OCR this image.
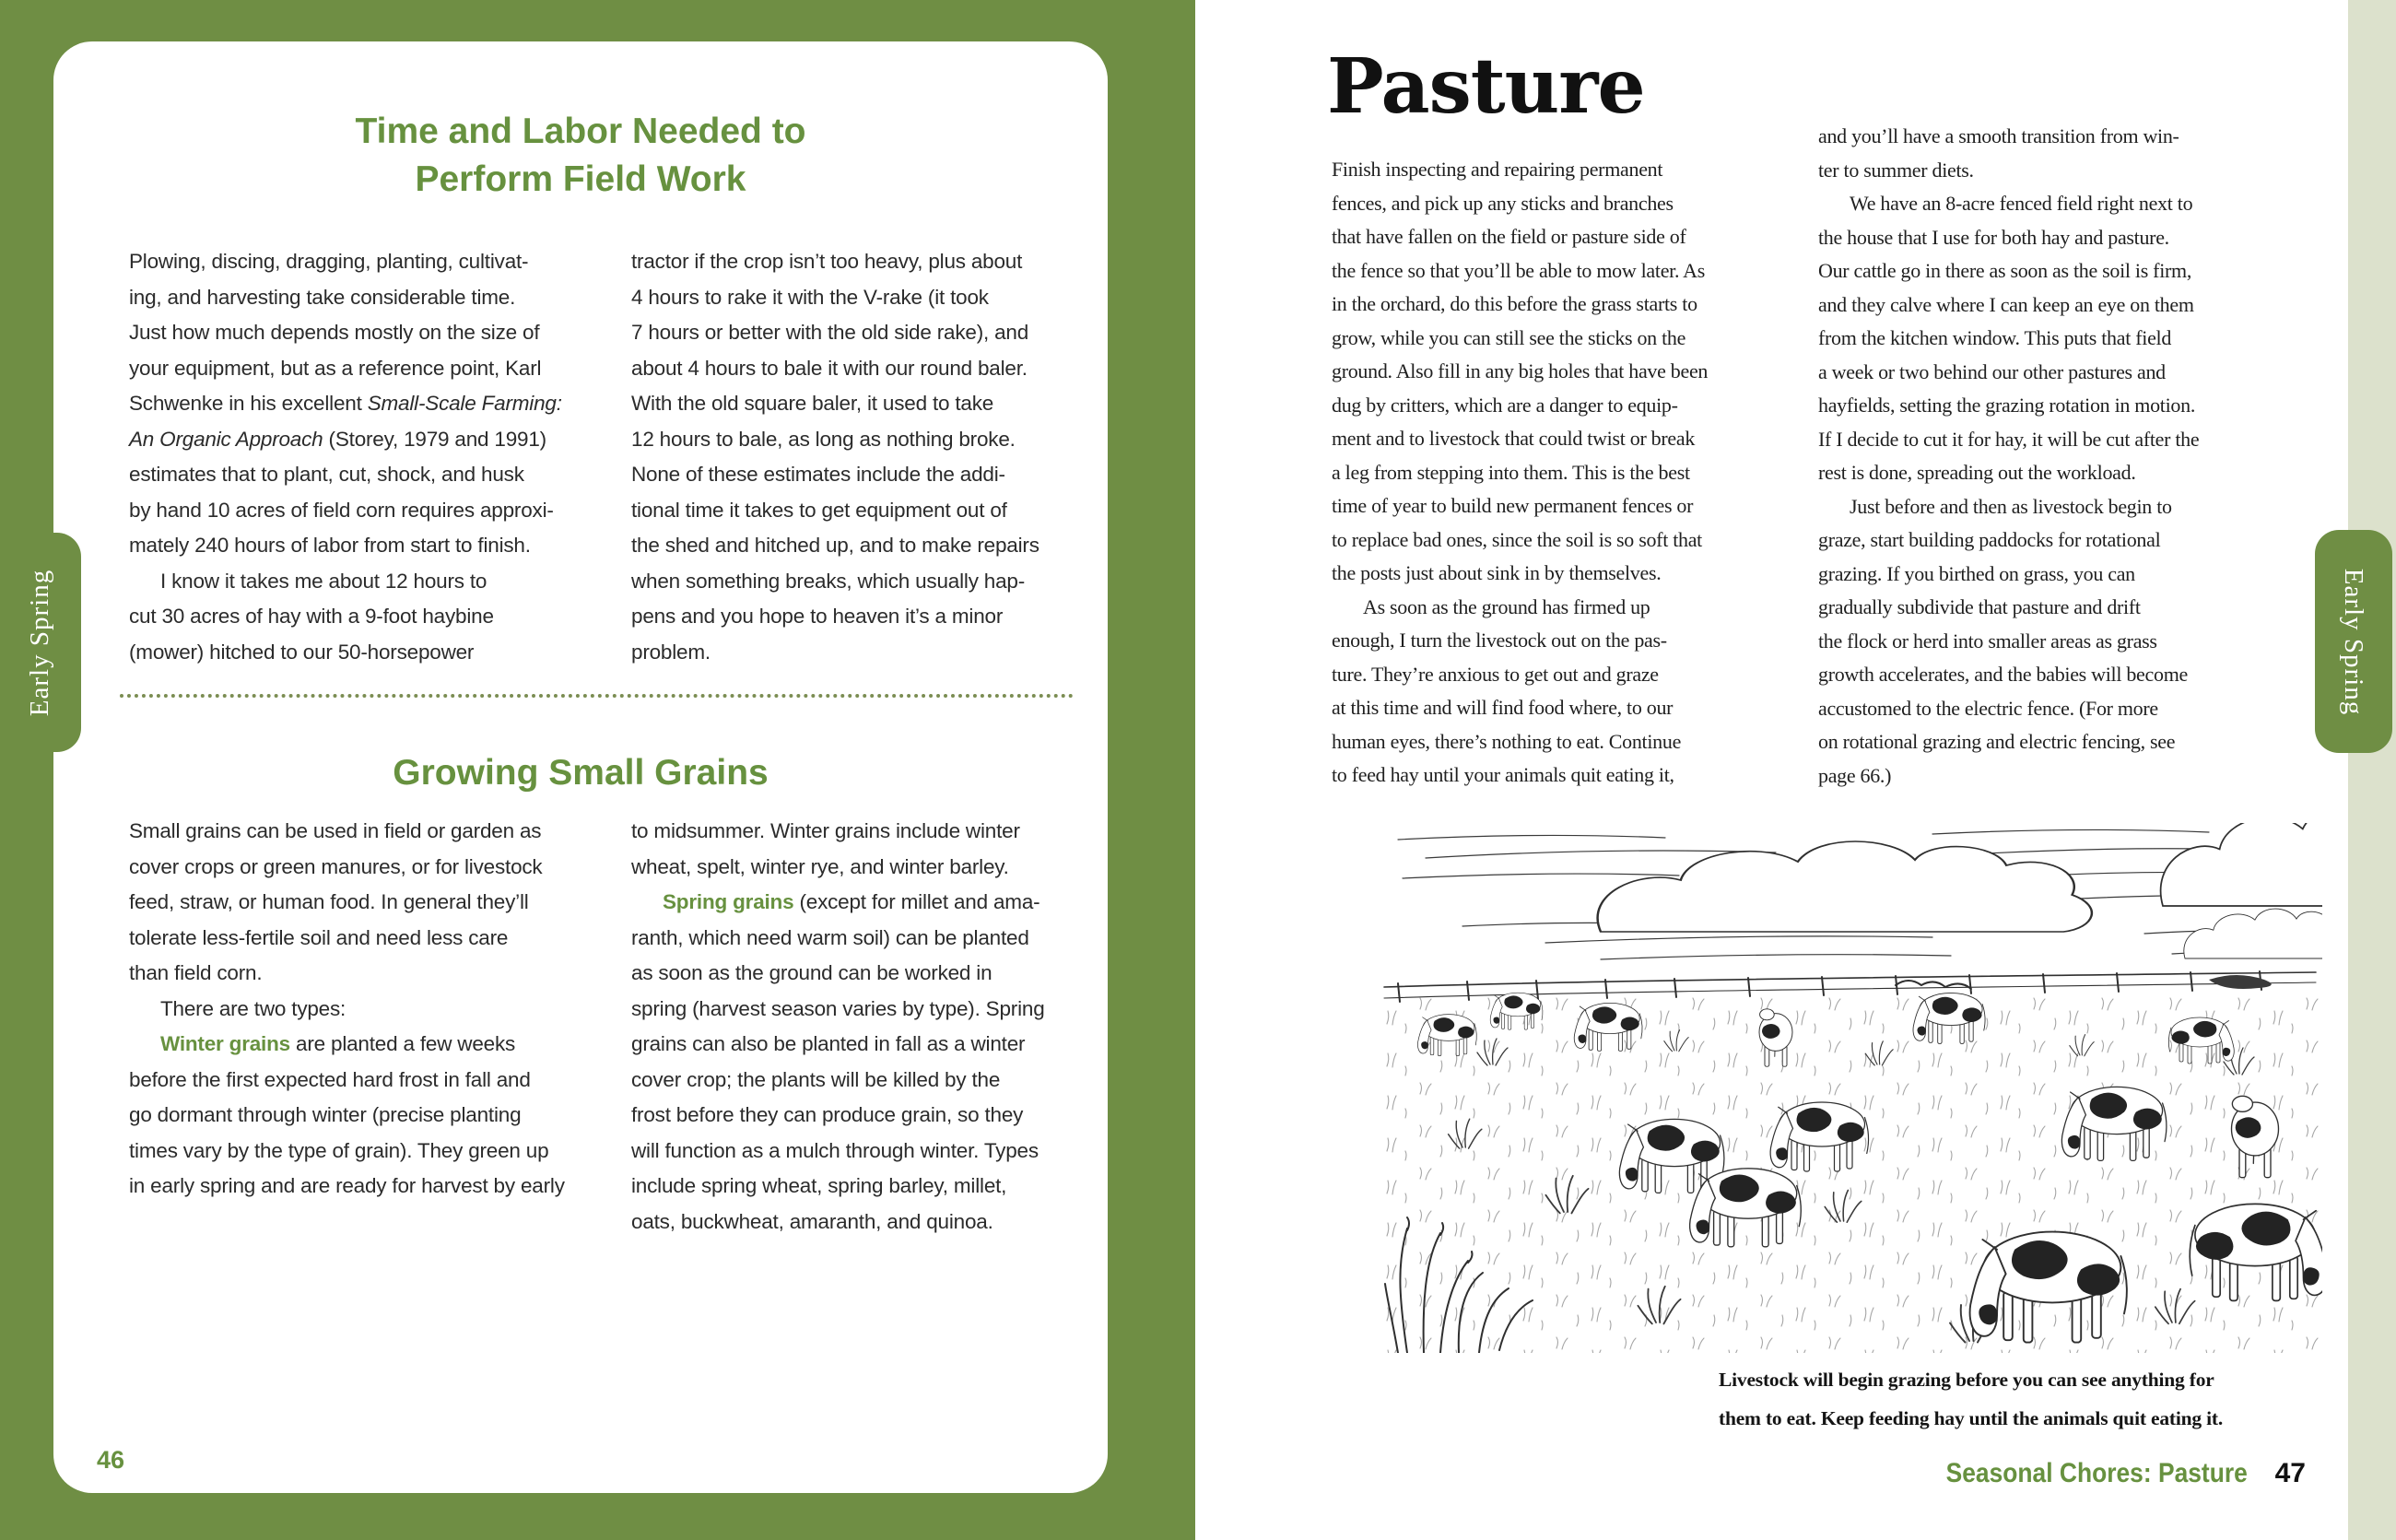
Time and Labor Needed to
Perform Field Work
Plowing, discing, dragging, planting, cultivat-
ing, and harvesting take considerable time.
Just how much depends mostly on the size of
your equipment, but as a reference point, Karl
Schwenke in his excellent Small-Scale Farming:
An Organic Approach (Storey, 1979 and 1991)
estimates that to plant, cut, shock, and husk
by hand 10 acres of field corn requires approxi-
mately 240 hours of labor from start to finish.
I know it takes me about 12 hours to
cut 30 acres of hay with a 9-foot haybine
(mower) hitched to our 50-horsepower
tractor if the crop isn’t too heavy, plus about
4 hours to rake it with the V-rake (it took
7 hours or better with the old side rake), and
about 4 hours to bale it with our round baler.
With the old square baler, it used to take
12 hours to bale, as long as nothing broke.
None of these estimates include the addi-
tional time it takes to get equipment out of
the shed and hitched up, and to make repairs
when something breaks, which usually hap-
pens and you hope to heaven it’s a minor
problem.
Growing Small Grains
Small grains can be used in field or garden as
cover crops or green manures, or for livestock
feed, straw, or human food. In general they’ll
tolerate less-fertile soil and need less care
than field corn.
There are two types:
Winter grains are planted a few weeks
before the first expected hard frost in fall and
go dormant through winter (precise planting
times vary by the type of grain). They green up
in early spring and are ready for harvest by early
to midsummer. Winter grains include winter
wheat, spelt, winter rye, and winter barley.
Spring grains (except for millet and ama-
ranth, which need warm soil) can be planted
as soon as the ground can be worked in
spring (harvest season varies by type). Spring
grains can also be planted in fall as a winter
cover crop; the plants will be killed by the
frost before they can produce grain, so they
will function as a mulch through winter. Types
include spring wheat, spring barley, millet,
oats, buckwheat, amaranth, and quinoa.
46
Pasture
Finish inspecting and repairing permanent
fences, and pick up any sticks and branches
that have fallen on the field or pasture side of
the fence so that you’ll be able to mow later. As
in the orchard, do this before the grass starts to
grow, while you can still see the sticks on the
ground. Also fill in any big holes that have been
dug by critters, which are a danger to equip-
ment and to livestock that could twist or break
a leg from stepping into them. This is the best
time of year to build new permanent fences or
to replace bad ones, since the soil is so soft that
the posts just about sink in by themselves.
As soon as the ground has firmed up
enough, I turn the livestock out on the pas-
ture. They’re anxious to get out and graze
at this time and will find food where, to our
human eyes, there’s nothing to eat. Continue
to feed hay until your animals quit eating it,
and you’ll have a smooth transition from win-
ter to summer diets.
We have an 8-acre fenced field right next to
the house that I use for both hay and pasture.
Our cattle go in there as soon as the soil is firm,
and they calve where I can keep an eye on them
from the kitchen window. This puts that field
a week or two behind our other pastures and
hayfields, setting the grazing rotation in motion.
If I decide to cut it for hay, it will be cut after the
rest is done, spreading out the workload.
Just before and then as livestock begin to
graze, start building paddocks for rotational
grazing. If you birthed on grass, you can
gradually subdivide that pasture and drift
the flock or herd into smaller areas as grass
growth accelerates, and the babies will become
accustomed to the electric fence. (For more
on rotational grazing and electric fencing, see
page 66.)
Livestock will begin grazing before you can see anything for
them to eat. Keep feeding hay until the animals quit eating it.
Seasonal Chores: Pasture 47
Early Spring	Early Spring
